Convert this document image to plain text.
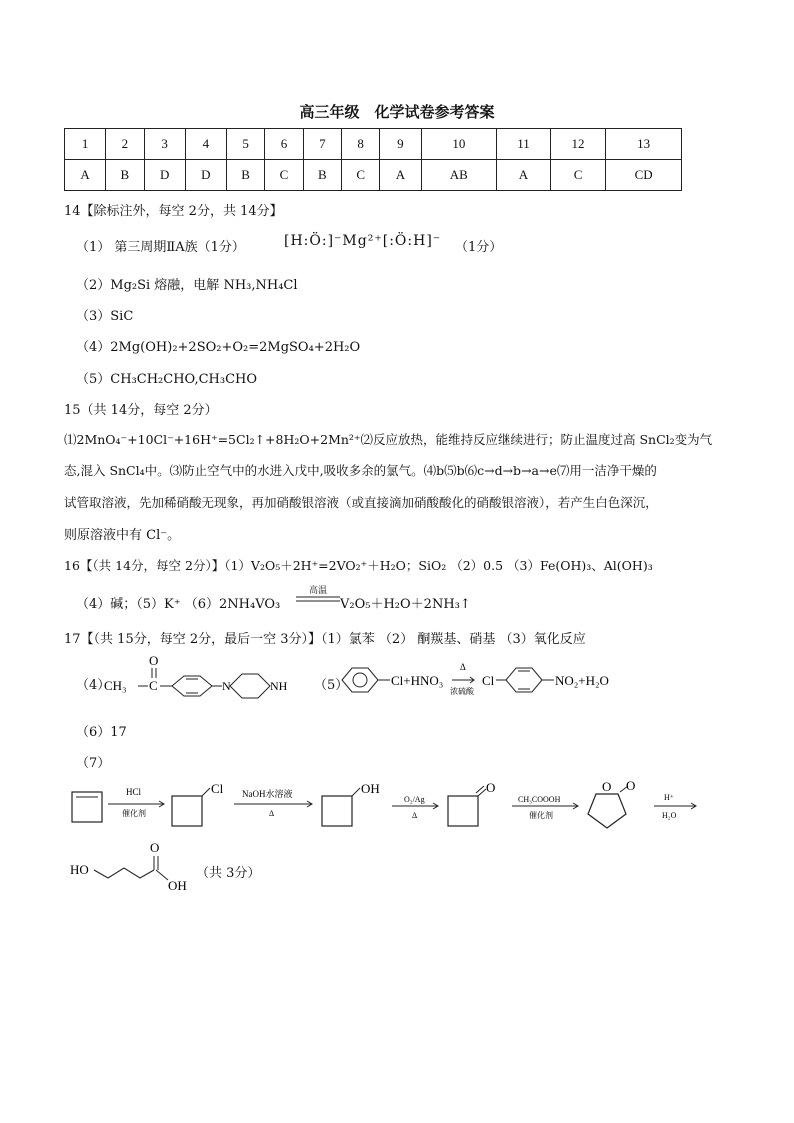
高三年级　化学试卷参考答案
1	2	3	4	5	6	7	8	9	10	11	12	13
A	B	D	D	B	C	B	C	A	AB	A	C	CD
14【除标注外，每空 2分，共 14分】
（1） 第三周期ⅡA族（1分）	[H:Ö:]⁻Mg²⁺[:Ö:H]⁻ （1分）
（2）Mg₂Si 熔融，电解 NH₃,NH₄Cl
（3）SiC
（4）2Mg(OH)₂+2SO₂+O₂=2MgSO₄+2H₂O
（5）CH₃CH₂CHO,CH₃CHO
15（共 14分，每空 2分）
⑴2MnO₄⁻+10Cl⁻+16H⁺=5Cl₂↑+8H₂O+2Mn²⁺⑵反应放热，能维持反应继续进行；防止温度过高 SnCl₂变为气
态,混入 SnCl₄中。⑶防止空气中的水进入戊中,吸收多余的氯气。⑷b⑸b⑹c→d→b→a→e⑺用一洁净干燥的
试管取溶液，先加稀硝酸无现象，再加硝酸银溶液（或直接滴加硝酸酸化的硝酸银溶液），若产生白色深沉，
则原溶液中有 Cl⁻。
16【（共 14分，每空 2分）】（1）V₂O₅＋2H⁺=2VO₂⁺＋H₂O；SiO₂ （2）0.5 （3）Fe(OH)₃、Al(OH)₃
（4）碱；（5）K⁺ （6）2NH₄VO₃
高温
V₂O₅＋H₂O＋2NH₃↑
17【（共 15分，每空 2分，最后一空 3分）】（1）氯苯 （2） 酮羰基、硝基 （3）氧化反应
（4）
CH₃ C
O
N	NH （5）	Cl+HNO₃
Δ
浓硫酸
Cl	NO₂+H₂O
（6）17
（7）
HCl
催化剂
Cl NaOH水溶液
Δ
OH
O₂/Ag
Δ
O
CH₃COOOH
催化剂
O O
H⁺
H₂O
HO
O
OH
（共 3分）
